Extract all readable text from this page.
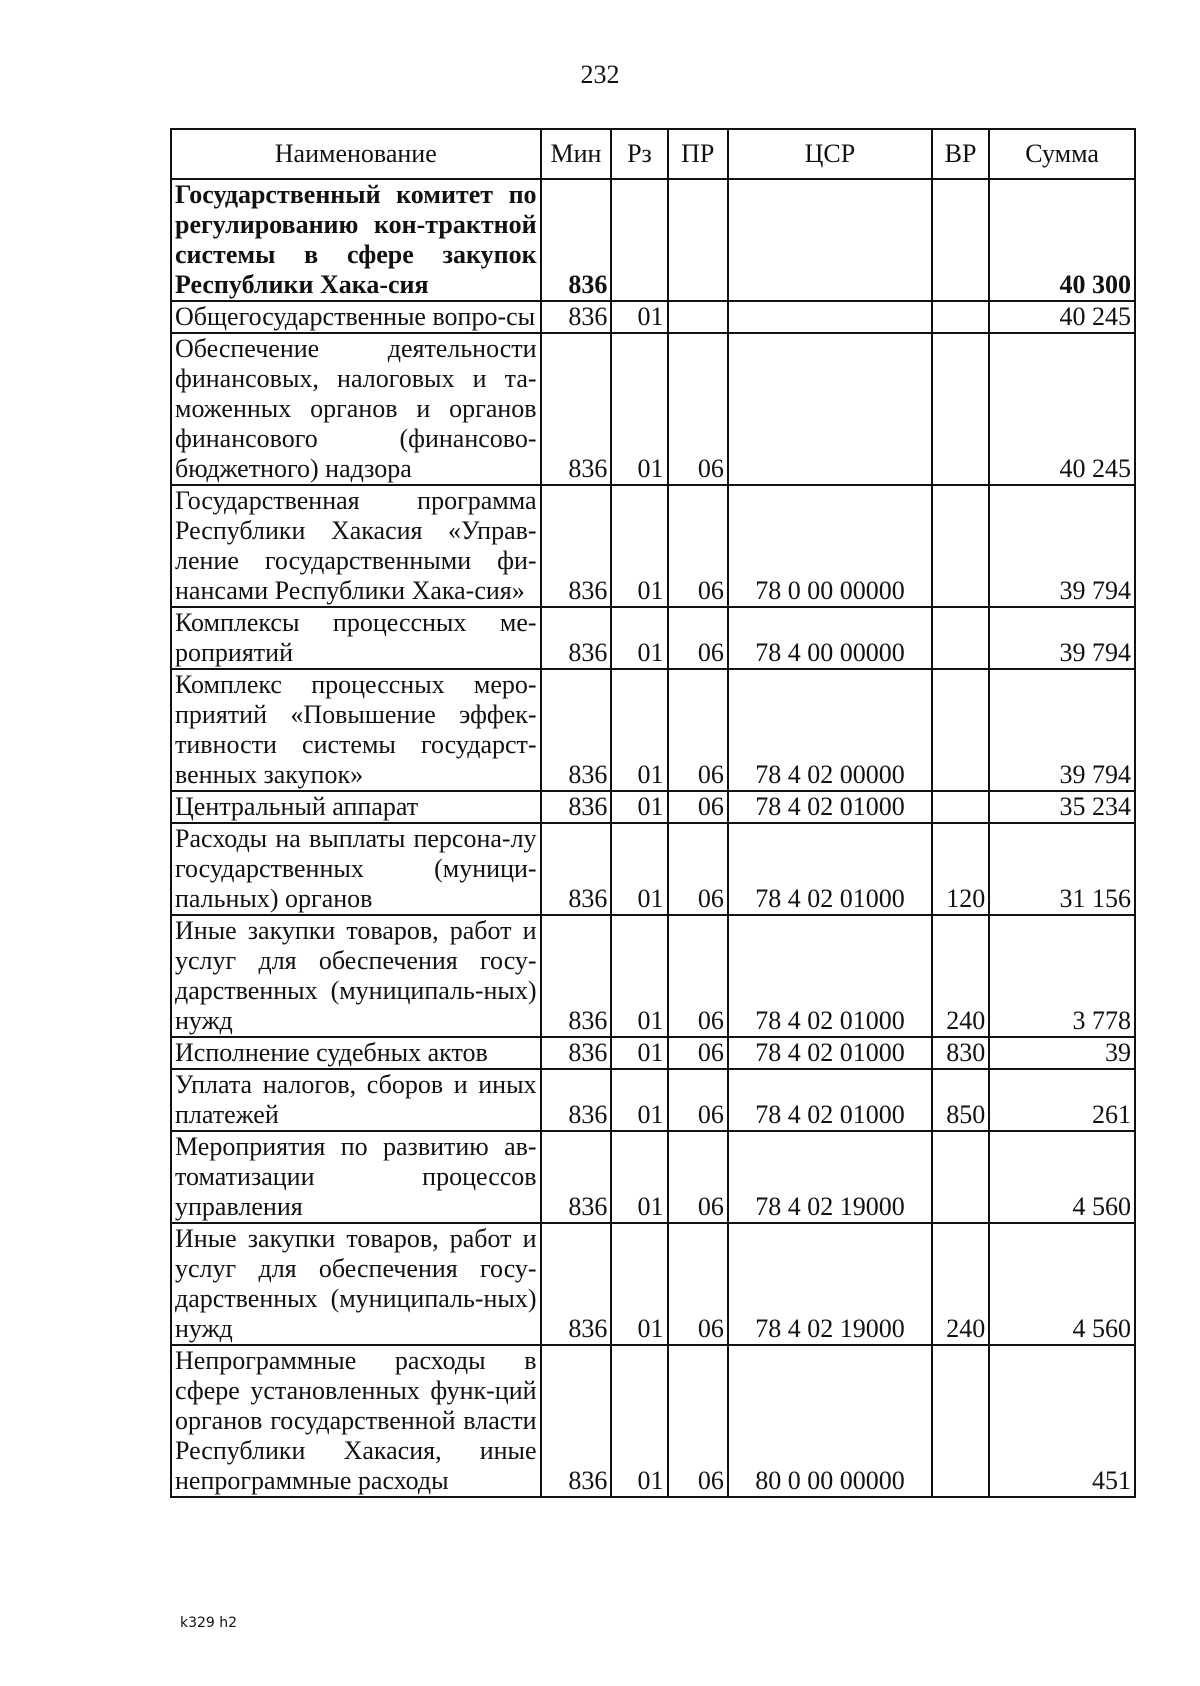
232
Наименование	Мин	Рз	ПР	ЦСР	ВР	Сумма
Государственный комитет по регулированию кон-трактной системы в сфере закупок Республики Хака-сия	836					40 300
Общегосударственные вопро-сы	836	01				40 245
Обеспечение деятельности финансовых, налоговых и та-моженных органов и органов финансового (финансово-бюджетного) надзора	836	01	06			40 245
Государственная программа Республики Хакасия «Управ-ление государственными фи-нансами Республики Хака-сия»	836	01	06	78 0 00 00000		39 794
Комплексы процессных ме-роприятий	836	01	06	78 4 00 00000		39 794
Комплекс процессных меро-приятий «Повышение эффек-тивности системы государст-венных закупок»	836	01	06	78 4 02 00000		39 794
Центральный аппарат	836	01	06	78 4 02 01000		35 234
Расходы на выплаты персона-лу государственных (муници-пальных) органов	836	01	06	78 4 02 01000	120	31 156
Иные закупки товаров, работ и услуг для обеспечения госу-дарственных (муниципаль-ных) нужд	836	01	06	78 4 02 01000	240	3 778
Исполнение судебных актов	836	01	06	78 4 02 01000	830	39
Уплата налогов, сборов и иных платежей	836	01	06	78 4 02 01000	850	261
Мероприятия по развитию ав-томатизации процессов управления	836	01	06	78 4 02 19000		4 560
Иные закупки товаров, работ и услуг для обеспечения госу-дарственных (муниципаль-ных) нужд	836	01	06	78 4 02 19000	240	4 560
Непрограммные расходы в сфере установленных функ-ций органов государственной власти Республики Хакасия, иные непрограммные расходы	836	01	06	80 0 00 00000		451
k329 h2
